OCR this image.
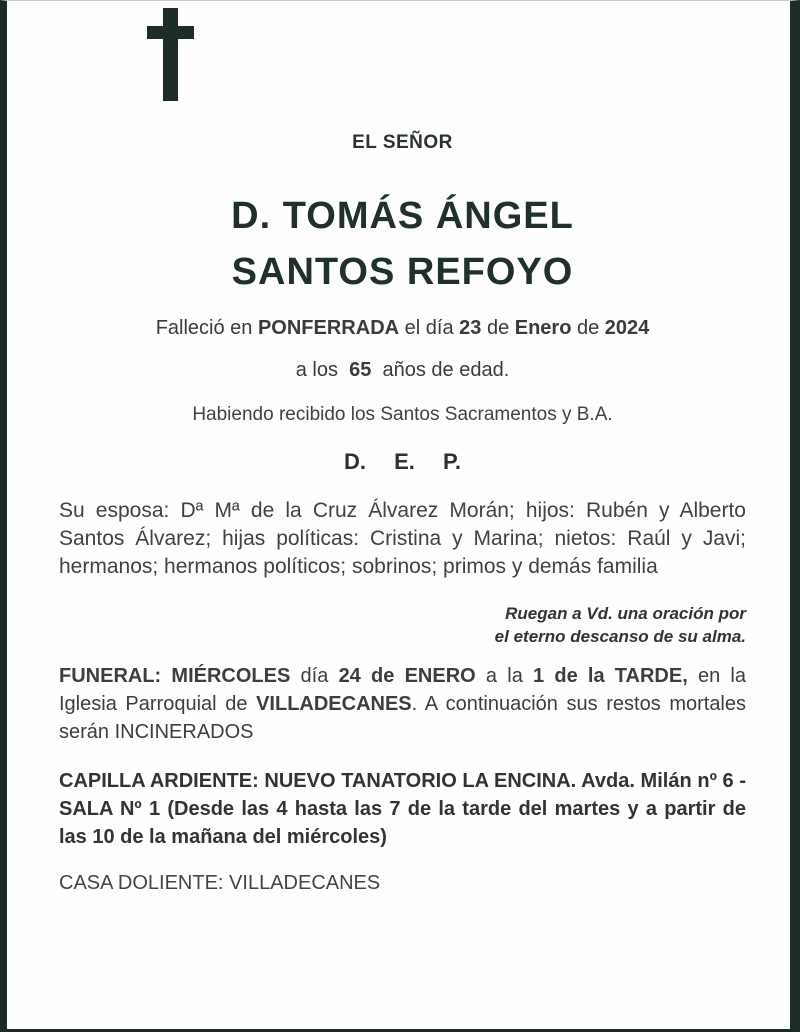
EL SEÑOR
D. TOMÁS ÁNGEL
SANTOS REFOYO
Falleció en PONFERRADA el día 23 de Enero de 2024
a los  65  años de edad.
Habiendo recibido los Santos Sacramentos y B.A.
D. E. P.

Su esposa: Dª Mª de la Cruz Álvarez Morán; hijos: Rubén y Alberto Santos Álvarez; hijas políticas: Cristina y Marina; nietos: Raúl y Javi; hermanos; hermanos políticos; sobrinos; primos y demás familia

Ruegan a Vd. una oración por
el eterno descanso de su alma.

FUNERAL: MIÉRCOLES día 24 de ENERO a la 1 de la TARDE, en la Iglesia Parroquial de VILLADECANES. A continuación sus restos mortales serán INCINERADOS

CAPILLA ARDIENTE: NUEVO TANATORIO LA ENCINA. Avda. Milán nº 6 - SALA Nº 1 (Desde las 4 hasta las 7 de la tarde del martes y a partir de las 10 de la mañana del miércoles)

CASA DOLIENTE: VILLADECANES
